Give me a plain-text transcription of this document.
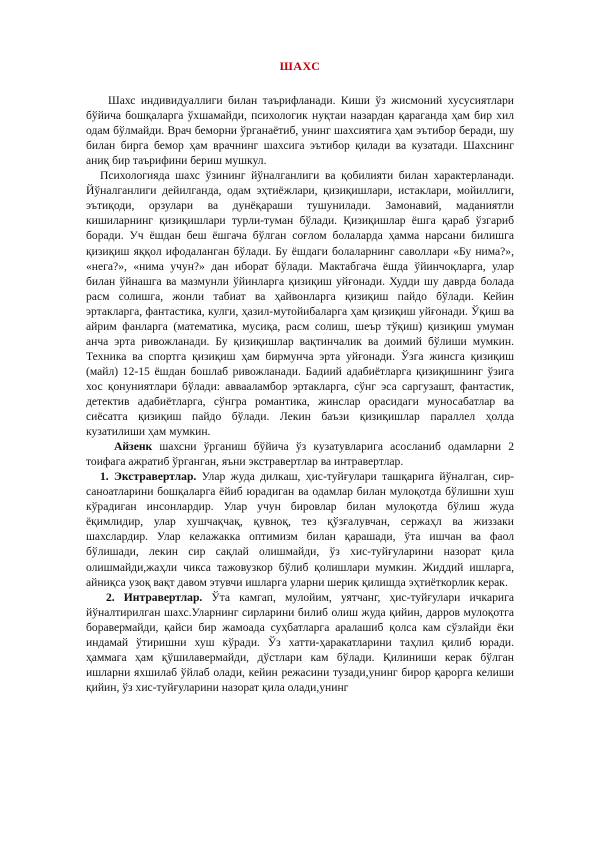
ШАХС

Шахс индивидуаллиги билан таърифланади. Киши ўз жисмоний хусусиятлари бўйича бошқаларга ўхшамайди, психологик нуқтаи назардан қараганда ҳам бир хил одам бўлмайди. Врач беморни ўрганаётиб, унинг шахсиятига ҳам эътибор беради, шу билан бирга бемор ҳам врачнинг шахсига эътибор қилади ва кузатади. Шахснинг аниқ бир таърифини бериш мушкул.

Психологияда шахс ўзининг йўналганлиги ва қобилияти билан характерланади. Йўналганлиги дейилганда, одам эҳтиёжлари, қизиқишлари, истаклари, мойиллиги, эътиқоди, орзулари ва дунёқараши тушунилади. Замонавий, маданиятли кишиларнинг қизиқишлари турли-туман бўлади. Қизиқишлар ёшга қараб ўзгариб боради. Уч ёшдан беш ёшгача бўлган соғлом болаларда ҳамма нарсани билишга қизиқиш яққол ифодаланган бўлади. Бу ёшдаги болаларнинг саволлари «Бу нима?», «нега?», «нима учун?» дан иборат бўлади. Мактабгача ёшда ўйинчоқларга, улар билан ўйнашга ва мазмунли ўйинларга қизиқиш уйғонади. Худди шу даврда болада расм солишга, жонли табиат ва ҳайвонларга қизиқиш пайдо бўлади. Кейин эртакларга, фантастика, кулги, ҳазил-мутойибаларга ҳам қизиқиш уйғонади. Ўқиш ва айрим фанларга (математика, мусиқа, расм солиш, шеър тўқиш) қизиқиш умуман анча эрта ривожланади. Бу қизиқишлар вақтинчалик ва доимий бўлиши мумкин. Техника ва спортга қизиқиш ҳам бирмунча эрта уйғонади. Ўзга жинсга қизиқиш (майл) 12-15 ёшдан бошлаб ривожланади. Бадиий адабиётларга қизиқишнинг ўзига хос қонуниятлари бўлади: аввааламбор эртакларга, сўнг эса саргузашт, фантастик, детектив адабиётларга, сўнгра романтика, жинслар орасидаги муносабатлар ва сиёсатга қизиқиш пайдо бўлади. Лекин баъзи қизиқишлар параллел ҳолда кузатилиши ҳам мумкин.

Айзенк шахсни ўрганиш бўйича ўз кузатувларига асосланиб одамларни 2 тоифага ажратиб ўрганган, яъни экстравертлар ва интравертлар.

1. Экстравертлар. Улар жуда дилкаш, ҳис-туйғулари ташқарига йўналган, сир-саноатларини бошқаларга ёйиб юрадиган ва одамлар билан мулоқотда бўлишни хуш кўрадиган инсонлардир. Улар учун бировлар билан мулоқотда бўлиш жуда ёқимлидир, улар хушчақчақ, қувноқ, тез қўзғалувчан, сержаҳл ва жиззаки шахслардир. Улар келажакка оптимизм билан қарашади, ўта ишчан ва фаол бўлишади, лекин сир сақлай олишмайди, ўз хис-туйғуларини назорат қила олишмайди,жаҳли чикса тажовузкор бўлиб қолишлари мумкин. Жиддий ишларга, айниқса узоқ вақт давом этувчи ишларга уларни шерик қилишда эҳтиёткорлик керак.

2. Интравертлар. Ўта камгап, мулойим, уятчанг, ҳис-туйғулари ичкарига йўналтирилган шахс.Уларнинг сирларини билиб олиш жуда қийин, дарров мулоқотга боравермайди, қайси бир жамоада суҳбатларга аралашиб қолса кам сўзлайди ёки индамай ўтиришни хуш кўради. Ўз хатти-ҳаракатларини таҳлил қилиб юради. ҳаммага ҳам қўшилавермайди, дўстлари кам бўлади. Қилиниши керак бўлган ишларни яхшилаб ўйлаб олади, кейин режасини тузади,унинг бирор қарорга келиши қийин, ўз хис-туйғуларини назорат қила олади,унинг
